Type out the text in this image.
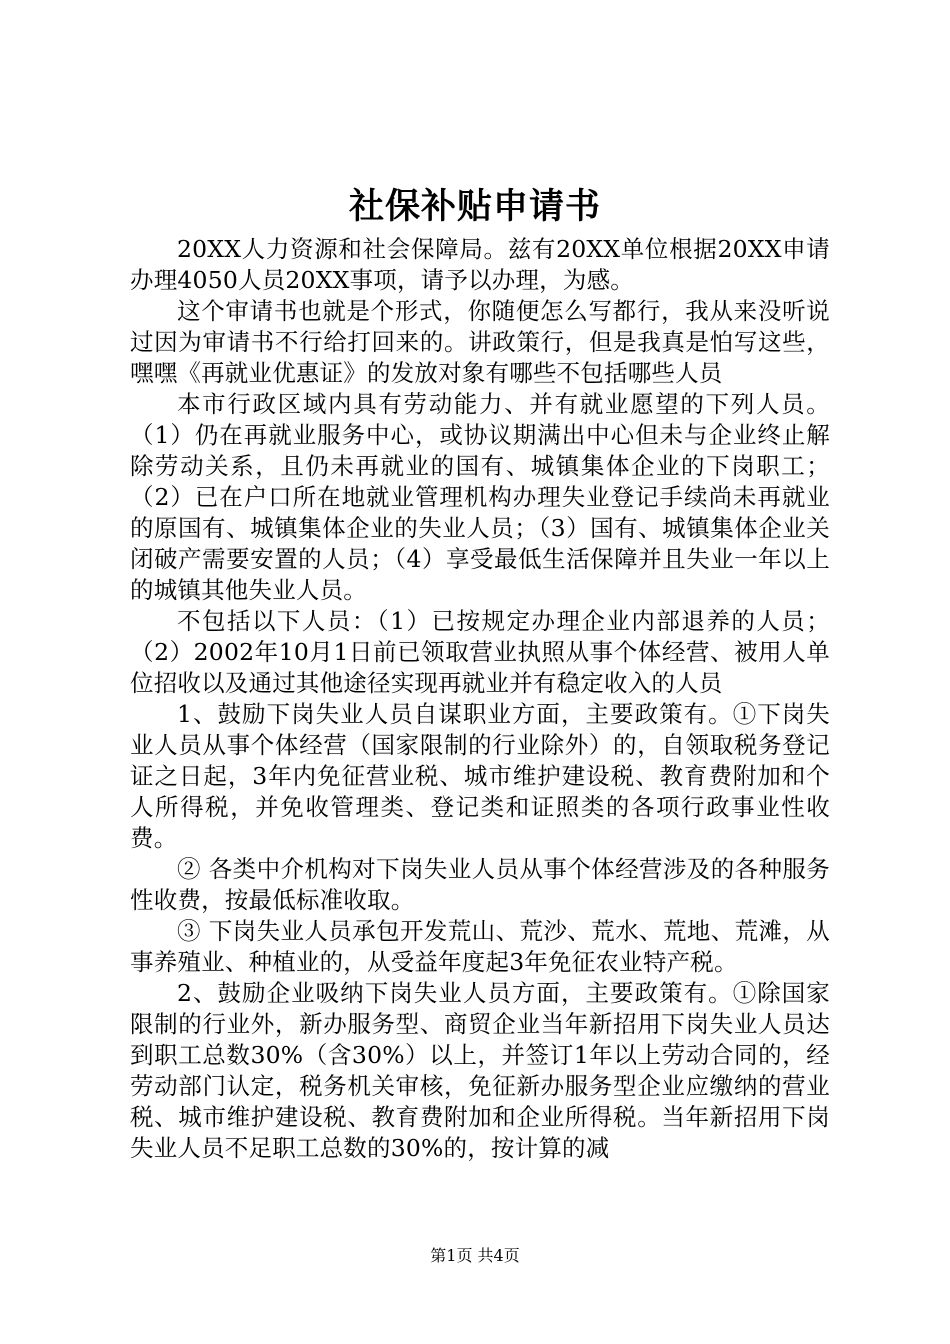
社保补贴申请书

20XX人力资源和社会保障局。兹有20XX单位根据20XX申请办理4050人员20XX事项，请予以办理，为感。

这个审请书也就是个形式，你随便怎么写都行，我从来没听说过因为审请书不行给打回来的。讲政策行，但是我真是怕写这些，嘿嘿《再就业优惠证》的发放对象有哪些不包括哪些人员

本市行政区域内具有劳动能力、并有就业愿望的下列人员。（1）仍在再就业服务中心，或协议期满出中心但未与企业终止解除劳动关系，且仍未再就业的国有、城镇集体企业的下岗职工；（2）已在户口所在地就业管理机构办理失业登记手续尚未再就业的原国有、城镇集体企业的失业人员；（3）国有、城镇集体企业关闭破产需要安置的人员；（4）享受最低生活保障并且失业一年以上的城镇其他失业人员。

不包括以下人员：（1）已按规定办理企业内部退养的人员；（2）2002年10月1日前已领取营业执照从事个体经营、被用人单位招收以及通过其他途径实现再就业并有稳定收入的人员

1、鼓励下岗失业人员自谋职业方面，主要政策有。①下岗失业人员从事个体经营（国家限制的行业除外）的，自领取税务登记证之日起，3年内免征营业税、城市维护建设税、教育费附加和个人所得税，并免收管理类、登记类和证照类的各项行政事业性收费。

② 各类中介机构对下岗失业人员从事个体经营涉及的各种服务性收费，按最低标准收取。

③ 下岗失业人员承包开发荒山、荒沙、荒水、荒地、荒滩，从事养殖业、种植业的，从受益年度起3年免征农业特产税。

2、鼓励企业吸纳下岗失业人员方面，主要政策有。①除国家限制的行业外，新办服务型、商贸企业当年新招用下岗失业人员达到职工总数30%（含30%）以上，并签订1年以上劳动合同的，经劳动部门认定，税务机关审核，免征新办服务型企业应缴纳的营业税、城市维护建设税、教育费附加和企业所得税。当年新招用下岗失业人员不足职工总数的30%的，按计算的减

第1页 共4页
